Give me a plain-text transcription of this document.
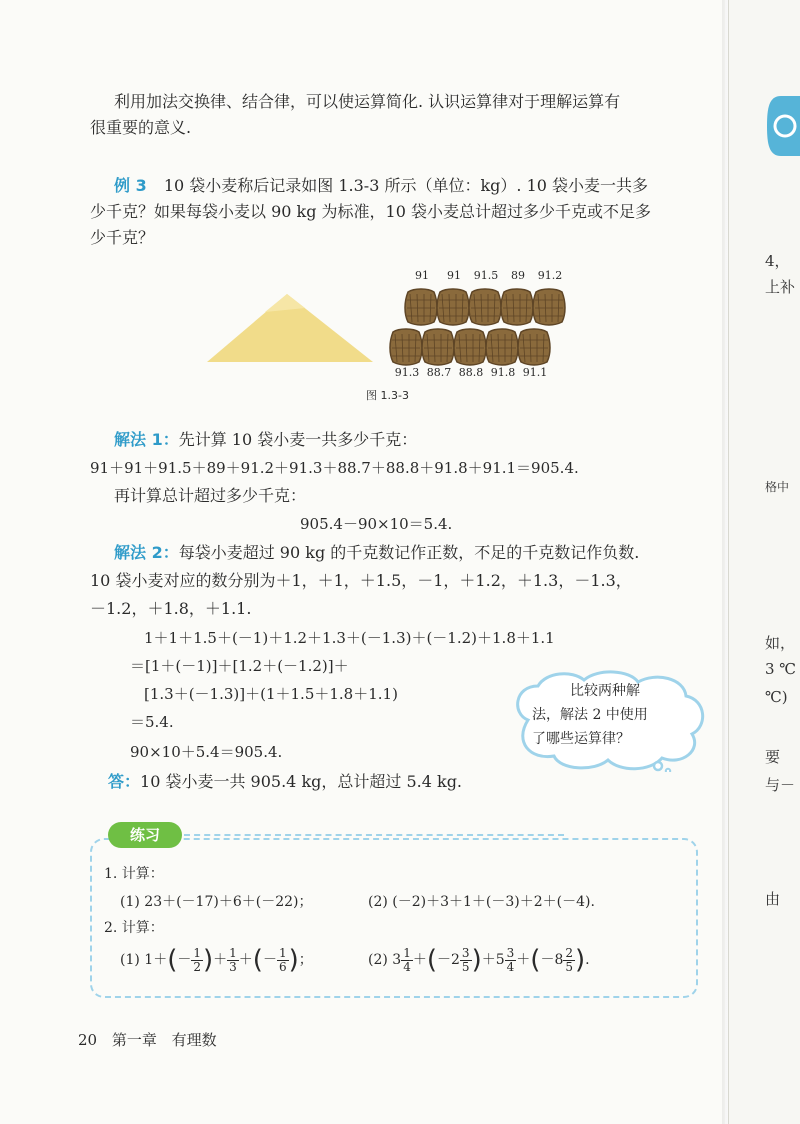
利用加法交换律、结合律，可以使运算简化. 认识运算律对于理解运算有
很重要的意义.
例 3 10 袋小麦称后记录如图 1.3-3 所示（单位：kg）. 10 袋小麦一共多
少千克？如果每袋小麦以 90 kg 为标准，10 袋小麦总计超过多少千克或不足多
少千克？
91	91	91.5	89	91.2
91.3 88.7 88.8 91.8 91.1
图 1.3-3
解法 1：先计算 10 袋小麦一共多少千克：
91＋91＋91.5＋89＋91.2＋91.3＋88.7＋88.8＋91.8＋91.1＝905.4.
再计算总计超过多少千克：
905.4－90×10＝5.4.
解法 2：每袋小麦超过 90 kg 的千克数记作正数，不足的千克数记作负数.
10 袋小麦对应的数分别为＋1，＋1，＋1.5，－1，＋1.2，＋1.3，－1.3，
－1.2，＋1.8，＋1.1.
1＋1＋1.5＋(－1)＋1.2＋1.3＋(－1.3)＋(－1.2)＋1.8＋1.1
＝[1＋(－1)]＋[1.2＋(－1.2)]＋
[1.3＋(－1.3)]＋(1＋1.5＋1.8＋1.1)
＝5.4.
90×10＋5.4＝905.4.
答：10 袋小麦一共 905.4 kg，总计超过 5.4 kg.
比较两种解
法，解法 2 中使用
了哪些运算律？
练习
1. 计算：
(1) 23＋(－17)＋6＋(－22)；	(2) (－2)＋3＋1＋(－3)＋2＋(－4).
2. 计算：
(1) $1+(- \frac{1}{2}$ )＋ $\frac{1}{3}$ ＋(－ $\frac{1}{6}$ )；	(2) $3 \frac{1}{4} +(-2 \frac{3}{5} )+5 \frac{3}{4} +(-8 \frac{2}{5}$ ).
20 第一章 有理数
4，
上补
格中
如，
3 ℃
℃)
要
与－
由
